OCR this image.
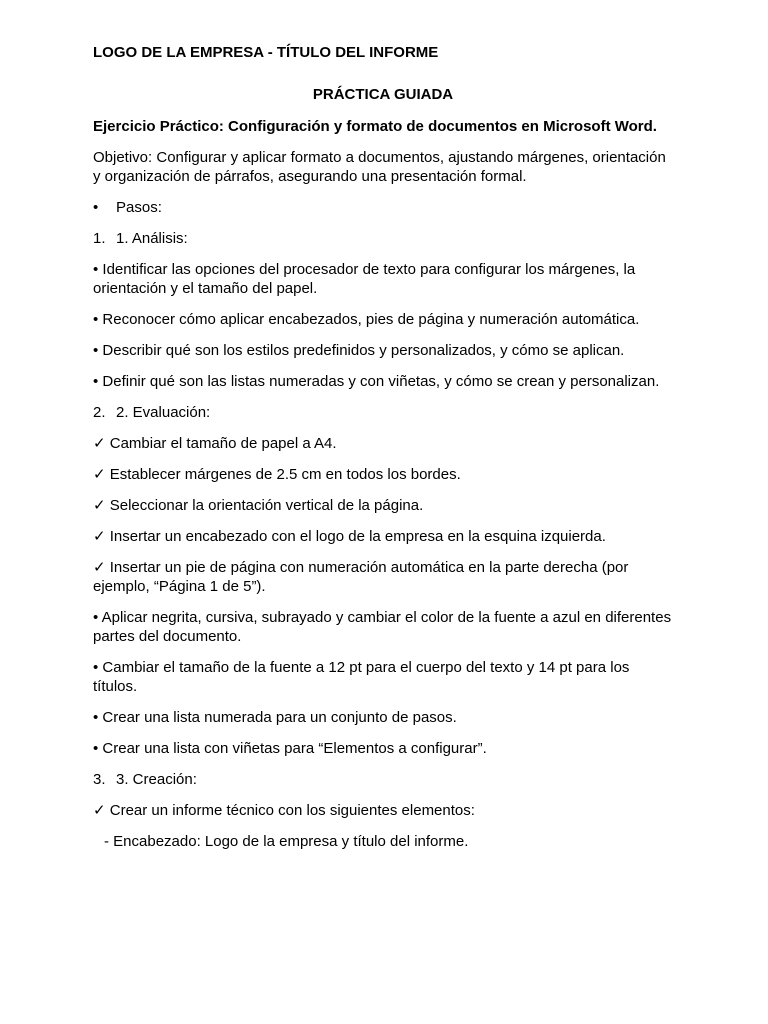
LOGO DE LA EMPRESA - TÍTULO DEL INFORME
PRÁCTICA GUIADA
Ejercicio Práctico: Configuración y formato de documentos en Microsoft Word.

Objetivo: Configurar y aplicar formato a documentos, ajustando márgenes, orientación y organización de párrafos, asegurando una presentación formal.

•	Pasos:
1. 1. Análisis:

• Identificar las opciones del procesador de texto para configurar los márgenes, la orientación y el tamaño del papel.

• Reconocer cómo aplicar encabezados, pies de página y numeración automática.

• Describir qué son los estilos predefinidos y personalizados, y cómo se aplican.

• Definir qué son las listas numeradas y con viñetas, y cómo se crean y personalizan.

2. 2. Evaluación:

✓ Cambiar el tamaño de papel a A4.

✓ Establecer márgenes de 2.5 cm en todos los bordes.

✓ Seleccionar la orientación vertical de la página.

✓ Insertar un encabezado con el logo de la empresa en la esquina izquierda.

✓ Insertar un pie de página con numeración automática en la parte derecha (por ejemplo, “Página 1 de 5”).

• Aplicar negrita, cursiva, subrayado y cambiar el color de la fuente a azul en diferentes partes del documento.

• Cambiar el tamaño de la fuente a 12 pt para el cuerpo del texto y 14 pt para los títulos.

• Crear una lista numerada para un conjunto de pasos.

• Crear una lista con viñetas para “Elementos a configurar”.

3. 3. Creación:

✓ Crear un informe técnico con los siguientes elementos:

- Encabezado: Logo de la empresa y título del informe.
